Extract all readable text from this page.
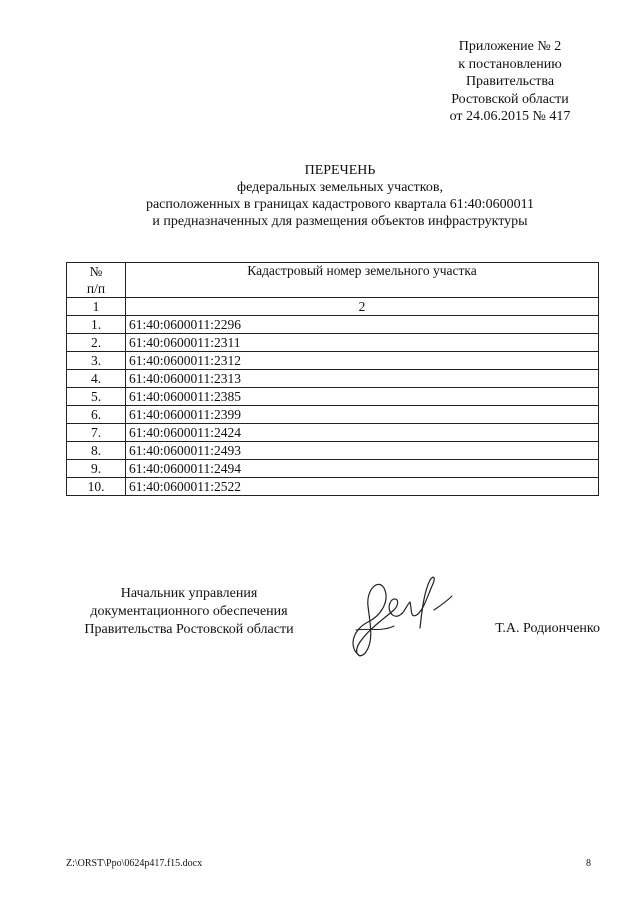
Приложение № 2
к постановлению
Правительства
Ростовской области
от 24.06.2015 № 417
ПЕРЕЧЕНЬ
федеральных земельных участков,
расположенных в границах кадастрового квартала 61:40:0600011
и предназначенных для размещения объектов инфраструктуры
№
п/п	Кадастровый номер земельного участка
1	2
1.	61:40:0600011:2296
2.	61:40:0600011:2311
3.	61:40:0600011:2312
4.	61:40:0600011:2313
5.	61:40:0600011:2385
6.	61:40:0600011:2399
7.	61:40:0600011:2424
8.	61:40:0600011:2493
9.	61:40:0600011:2494
10.	61:40:0600011:2522
Начальник управления
документационного обеспечения
Правительства Ростовской области	Т.А. Родионченко
Z:\ORST\Ppo\0624p417.f15.docx	8
